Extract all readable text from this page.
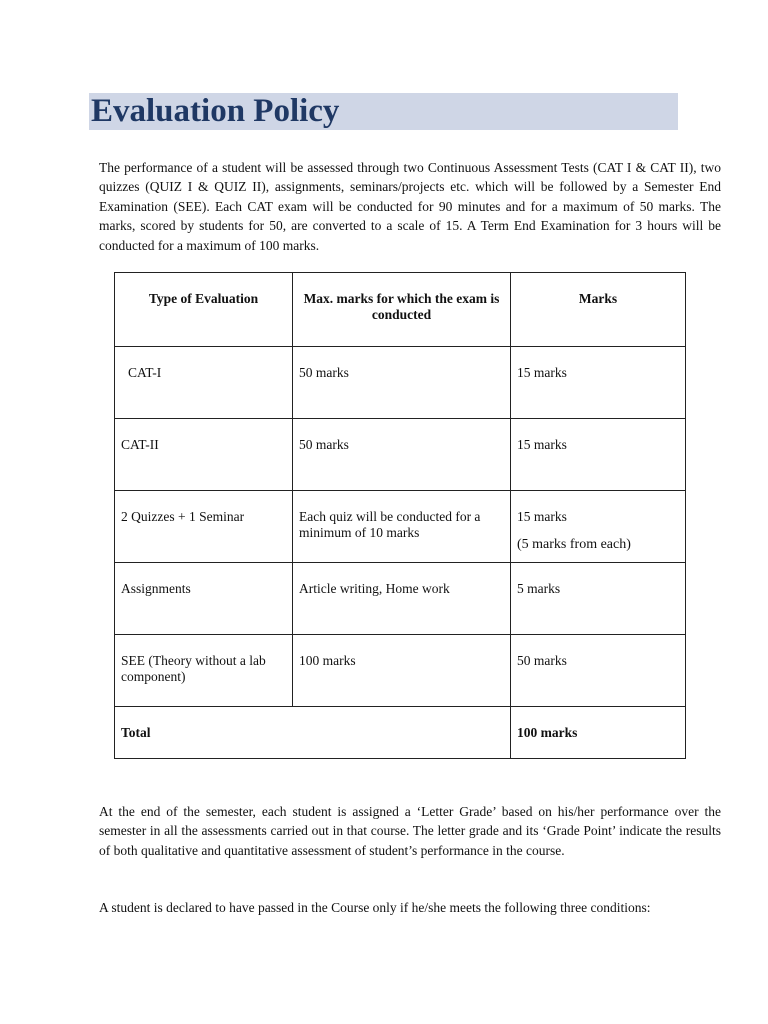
Evaluation Policy

The performance of a student will be assessed through two Continuous Assessment Tests (CAT I & CAT II), two quizzes (QUIZ I & QUIZ II), assignments, seminars/projects etc. which will be followed by a Semester End Examination (SEE). Each CAT exam will be conducted for 90 minutes and for a maximum of 50 marks. The marks, scored by students for 50, are converted to a scale of 15. A Term End Examination for 3 hours will be conducted for a maximum of 100 marks.

Type of Evaluation	Max. marks for which the exam is conducted	Marks
CAT-I	50 marks	15 marks
CAT-II	50 marks	15 marks
2 Quizzes + 1 Seminar	Each quiz will be conducted for a minimum of 10 marks	15 marks
(5 marks from each)

Assignments	Article writing, Home work	5 marks
SEE (Theory without a lab component)	100 marks	50 marks
Total		100 marks

At the end of the semester, each student is assigned a ‘Letter Grade’ based on his/her performance over the semester in all the assessments carried out in that course. The letter grade and its ‘Grade Point’ indicate the results of both qualitative and quantitative assessment of student’s performance in the course.

A student is declared to have passed in the Course only if he/she meets the following three conditions:
